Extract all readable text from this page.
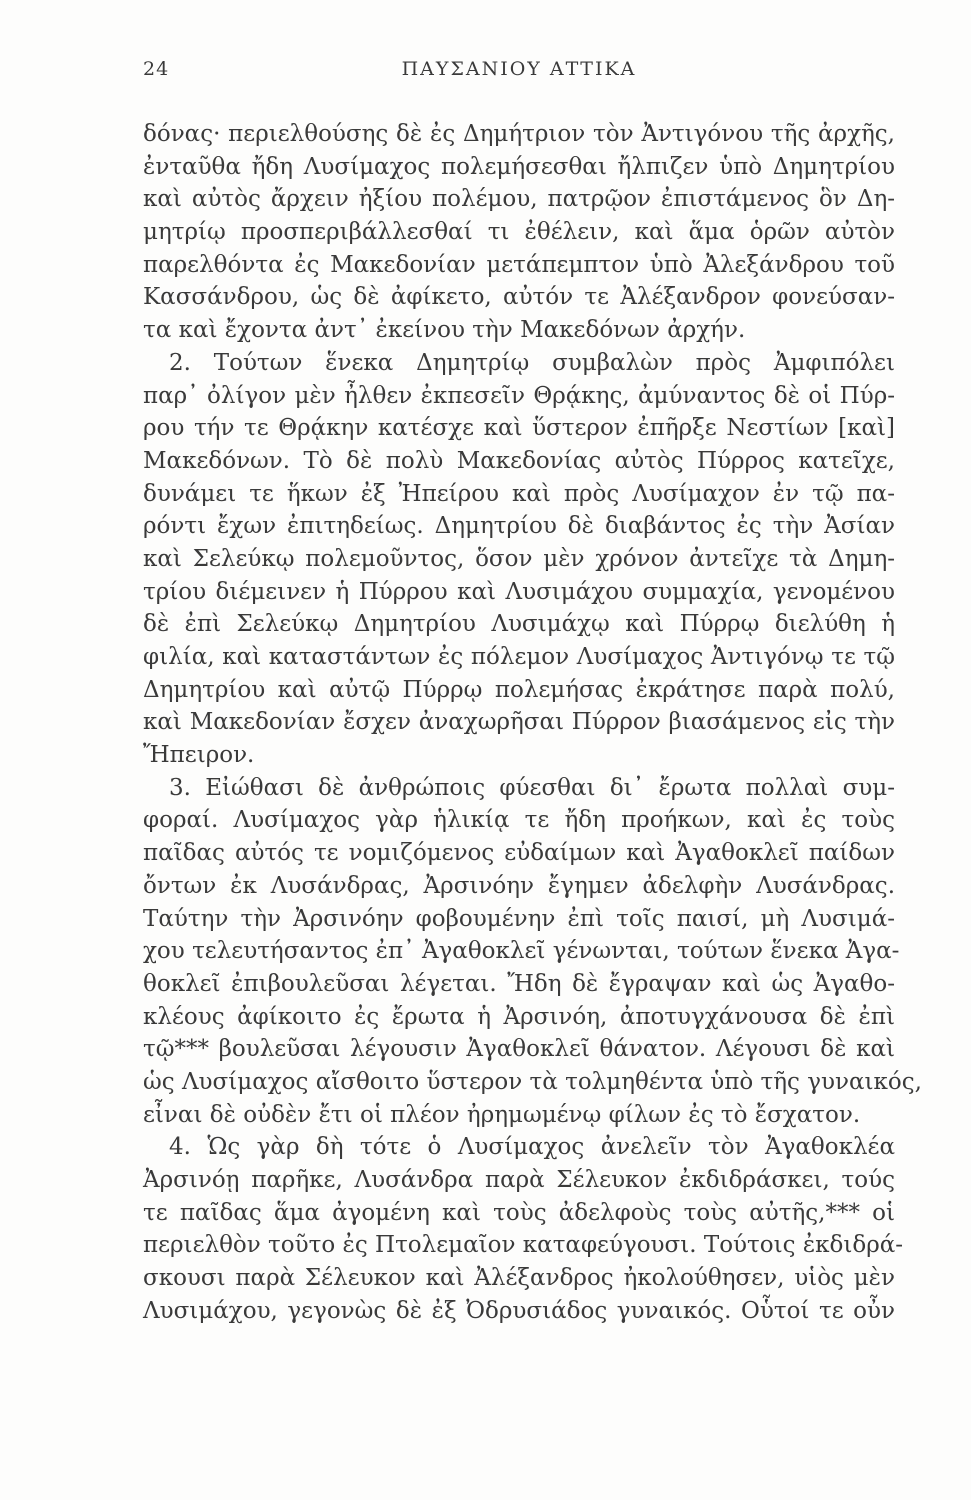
24	ΠΑΥΣΑΝΙΟΥ ΑΤΤΙΚΑ
δόνας· περιελθούσης δὲ ἐς Δημήτριον τὸν Ἀντιγόνου τῆς ἀρχῆς,
ἐνταῦθα ἤδη Λυσίμαχος πολεμήσεσθαι ἤλπιζεν ὑπὸ Δημητρίου
καὶ αὐτὸς ἄρχειν ἠξίου πολέμου, πατρῷον ἐπιστάμενος ὃν Δη-
μητρίῳ προσπεριβάλλεσθαί τι ἐθέλειν, καὶ ἅμα ὁρῶν αὐτὸν
παρελθόντα ἐς Μακεδονίαν μετάπεμπτον ὑπὸ Ἀλεξάνδρου τοῦ
Κασσάνδρου, ὡς δὲ ἀφίκετο, αὐτόν τε Ἀλέξανδρον φονεύσαν-
τα καὶ ἔχοντα ἀντ᾽ ἐκείνου τὴν Μακεδόνων ἀρχήν.
2. Τούτων ἕνεκα Δημητρίῳ συμβαλὼν πρὸς Ἀμφιπόλει
παρ᾽ ὀλίγον μὲν ἦλθεν ἐκπεσεῖν Θρᾴκης, ἀμύναντος δὲ οἱ Πύρ-
ρου τήν τε Θρᾴκην κατέσχε καὶ ὕστερον ἐπῆρξε Νεστίων [καὶ]
Μακεδόνων. Τὸ δὲ πολὺ Μακεδονίας αὐτὸς Πύρρος κατεῖχε,
δυνάμει τε ἥκων ἐξ Ἠπείρου καὶ πρὸς Λυσίμαχον ἐν τῷ πα-
ρόντι ἔχων ἐπιτηδείως. Δημητρίου δὲ διαβάντος ἐς τὴν Ἀσίαν
καὶ Σελεύκῳ πολεμοῦντος, ὅσον μὲν χρόνον ἀντεῖχε τὰ Δημη-
τρίου διέμεινεν ἡ Πύρρου καὶ Λυσιμάχου συμμαχία, γενομένου
δὲ ἐπὶ Σελεύκῳ Δημητρίου Λυσιμάχῳ καὶ Πύρρῳ διελύθη ἡ
φιλία, καὶ καταστάντων ἐς πόλεμον Λυσίμαχος Ἀντιγόνῳ τε τῷ
Δημητρίου καὶ αὐτῷ Πύρρῳ πολεμήσας ἐκράτησε παρὰ πολύ,
καὶ Μακεδονίαν ἔσχεν ἀναχωρῆσαι Πύρρον βιασάμενος εἰς τὴν
Ἤπειρον.
3. Εἰώθασι δὲ ἀνθρώποις φύεσθαι δι᾽ ἔρωτα πολλαὶ συμ-
φοραί. Λυσίμαχος γὰρ ἡλικίᾳ τε ἤδη προήκων, καὶ ἐς τοὺς
παῖδας αὐτός τε νομιζόμενος εὐδαίμων καὶ Ἀγαθοκλεῖ παίδων
ὄντων ἐκ Λυσάνδρας, Ἀρσινόην ἔγημεν ἀδελφὴν Λυσάνδρας.
Ταύτην τὴν Ἀρσινόην φοβουμένην ἐπὶ τοῖς παισί, μὴ Λυσιμά-
χου τελευτήσαντος ἐπ᾽ Ἀγαθοκλεῖ γένωνται, τούτων ἕνεκα Ἀγα-
θοκλεῖ ἐπιβουλεῦσαι λέγεται. Ἤδη δὲ ἔγραψαν καὶ ὡς Ἀγαθο-
κλέους ἀφίκοιτο ἐς ἔρωτα ἡ Ἀρσινόη, ἀποτυγχάνουσα δὲ ἐπὶ
τῷ*** βουλεῦσαι λέγουσιν Ἀγαθοκλεῖ θάνατον. Λέγουσι δὲ καὶ
ὡς Λυσίμαχος αἴσθοιτο ὕστερον τὰ τολμηθέντα ὑπὸ τῆς γυναικός,
εἶναι δὲ οὐδὲν ἔτι οἱ πλέον ἠρημωμένῳ φίλων ἐς τὸ ἔσχατον.
4. Ὡς γὰρ δὴ τότε ὁ Λυσίμαχος ἀνελεῖν τὸν Ἀγαθοκλέα
Ἀρσινόῃ παρῆκε, Λυσάνδρα παρὰ Σέλευκον ἐκδιδράσκει, τούς
τε παῖδας ἅμα ἀγομένη καὶ τοὺς ἀδελφοὺς τοὺς αὐτῆς,*** οἱ
περιελθὸν τοῦτο ἐς Πτολεμαῖον καταφεύγουσι. Τούτοις ἐκδιδρά-
σκουσι παρὰ Σέλευκον καὶ Ἀλέξανδρος ἠκολούθησεν, υἱὸς μὲν
Λυσιμάχου, γεγονὼς δὲ ἐξ Ὀδρυσιάδος γυναικός. Οὗτοί τε οὖν
